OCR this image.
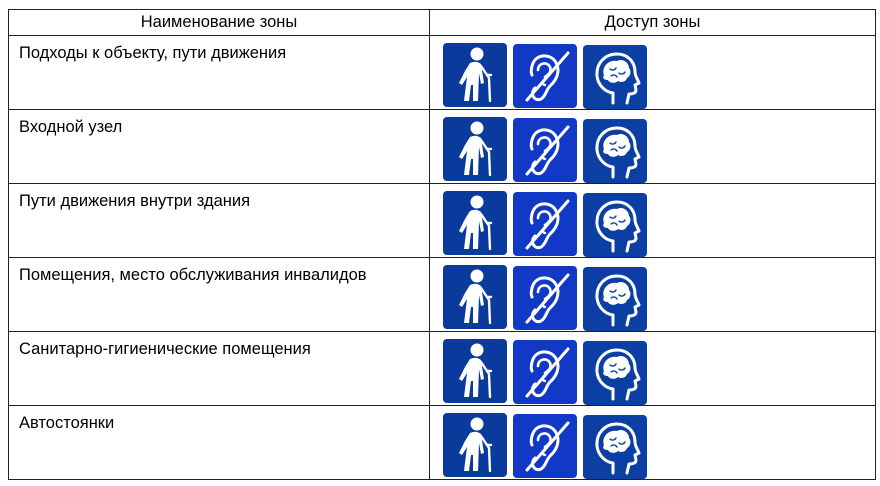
Наименование зоны	Доступ зоны

Подходы к объекту, пути движения

Входной узел

Пути движения внутри здания

Помещения, место обслуживания инвалидов

Санитарно-гигиенические помещения

Автостоянки
